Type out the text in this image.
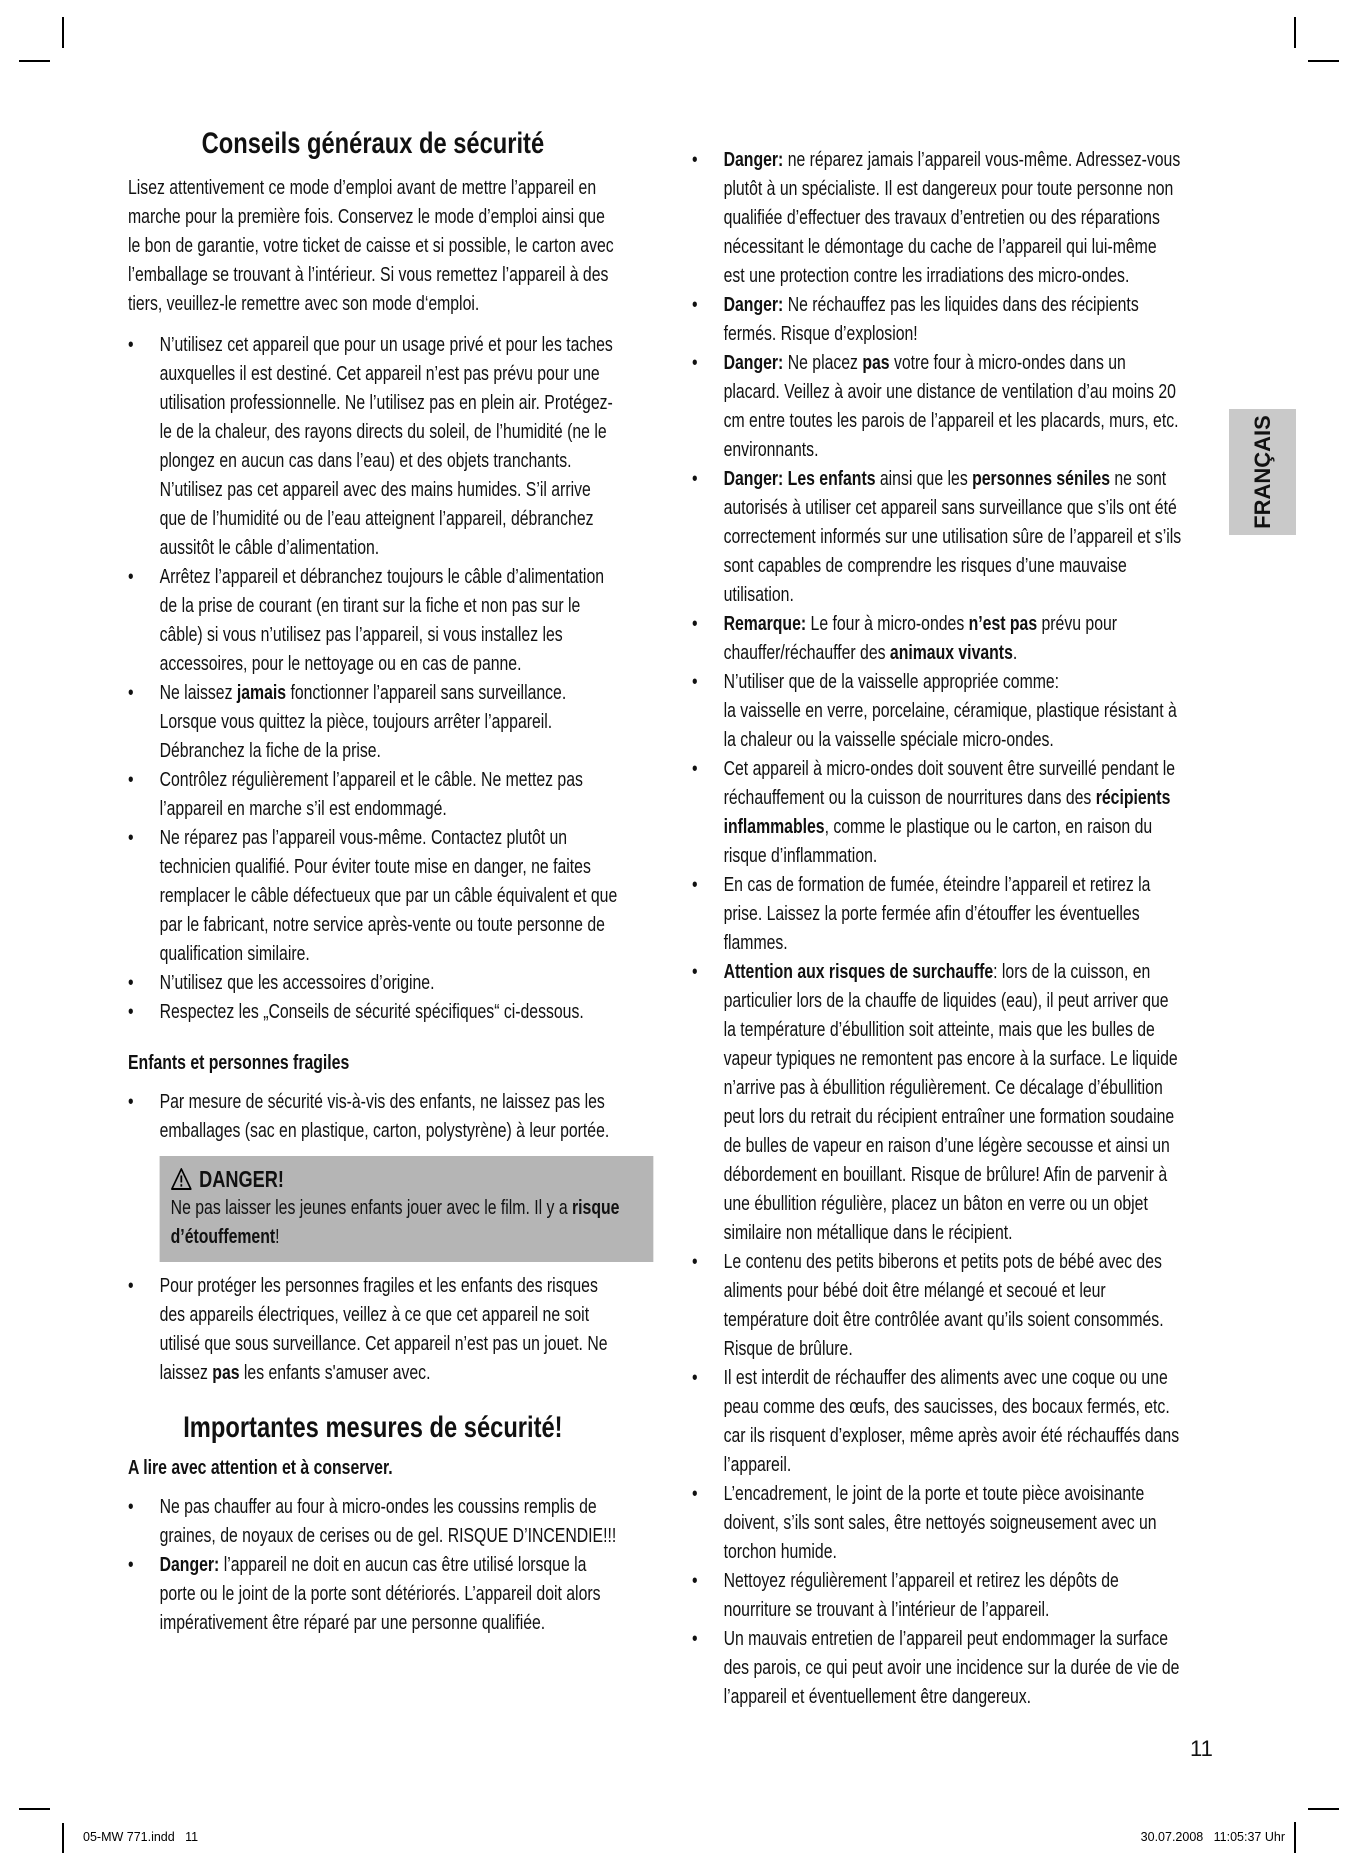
Conseils généraux de sécurité
Lisez attentivement ce mode d’emploi avant de mettre l’appareil en marche pour la première fois. Conservez le mode d’emploi ainsi que le bon de garantie, votre ticket de caisse et si possible, le carton avec l’emballage se trouvant à l’intérieur. Si vous remettez l’appareil à des tiers, veuillez-le remettre avec son mode d‘emploi.
•	N’utilisez cet appareil que pour un usage privé et pour les taches auxquelles il est destiné. Cet appareil n’est pas prévu pour une utilisation professionnelle. Ne l’utilisez pas en plein air. Protégez-le de la chaleur, des rayons directs du soleil, de l’humidité (ne le plongez en aucun cas dans l’eau) et des objets tranchants. N’utilisez pas cet appareil avec des mains humides. S’il arrive que de l’humidité ou de l’eau atteignent l’appareil, débranchez aussitôt le câble d’alimentation.
•	Arrêtez l’appareil et débranchez toujours le câble d’alimentation de la prise de courant (en tirant sur la fiche et non pas sur le câble) si vous n’utilisez pas l’appareil, si vous installez les accessoires, pour le nettoyage ou en cas de panne.
•	Ne laissez jamais fonctionner l’appareil sans surveillance. Lorsque vous quittez la pièce, toujours arrêter l’appareil. Débranchez la fiche de la prise.
•	Contrôlez régulièrement l’appareil et le câble. Ne mettez pas l’appareil en marche s’il est endommagé.
•	Ne réparez pas l’appareil vous-même. Contactez plutôt un technicien qualifié. Pour éviter toute mise en danger, ne faites remplacer le câble défectueux que par un câble équivalent et que par le fabricant, notre service après-vente ou toute personne de qualification similaire.
•	N’utilisez que les accessoires d’origine.
•	Respectez les „Conseils de sécurité spécifiques“ ci-dessous.
Enfants et personnes fragiles
•	Par mesure de sécurité vis-à-vis des enfants, ne laissez pas les emballages (sac en plastique, carton, polystyrène) à leur portée.
DANGER!
Ne pas laisser les jeunes enfants jouer avec le film. Il y a risque d’étouffement!
•	Pour protéger les personnes fragiles et les enfants des risques des appareils électriques, veillez à ce que cet appareil ne soit utilisé que sous surveillance. Cet appareil n’est pas un jouet. Ne laissez pas les enfants s'amuser avec.
Importantes mesures de sécurité!
A lire avec attention et à conserver.
•	Ne pas chauffer au four à micro-ondes les coussins remplis de graines, de noyaux de cerises ou de gel. RISQUE D’INCENDIE!!!
•	Danger: l’appareil ne doit en aucun cas être utilisé lorsque la porte ou le joint de la porte sont détériorés. L’appareil doit alors impérativement être réparé par une personne qualifiée.
•	Danger: ne réparez jamais l’appareil vous-même. Adressez-vous plutôt à un spécialiste. Il est dangereux pour toute personne non qualifiée d’effectuer des travaux d’entretien ou des réparations nécessitant le démontage du cache de l’appareil qui lui-même est une protection contre les irradiations des micro-ondes.
•	Danger: Ne réchauffez pas les liquides dans des récipients fermés. Risque d’explosion!
•	Danger: Ne placez pas votre four à micro-ondes dans un placard. Veillez à avoir une distance de ventilation d’au moins 20 cm entre toutes les parois de l’appareil et les placards, murs, etc. environnants.
•	Danger: Les enfants ainsi que les personnes séniles ne sont autorisés à utiliser cet appareil sans surveillance que s’ils ont été correctement informés sur une utilisation sûre de l’appareil et s’ils sont capables de comprendre les risques d’une mauvaise utilisation.
•	Remarque: Le four à micro-ondes n’est pas prévu pour chauffer/réchauffer des animaux vivants.
•	N’utiliser que de la vaisselle appropriée comme:
la vaisselle en verre, porcelaine, céramique, plastique résistant à la chaleur ou la vaisselle spéciale micro-ondes.
•	Cet appareil à micro-ondes doit souvent être surveillé pendant le réchauffement ou la cuisson de nourritures dans des récipients inflammables, comme le plastique ou le carton, en raison du risque d’inflammation.
•	En cas de formation de fumée, éteindre l’appareil et retirez la prise. Laissez la porte fermée afin d’étouffer les éventuelles flammes.
•	Attention aux risques de surchauffe: lors de la cuisson, en particulier lors de la chauffe de liquides (eau), il peut arriver que la température d’ébullition soit atteinte, mais que les bulles de vapeur typiques ne remontent pas encore à la surface. Le liquide n’arrive pas à ébullition régulièrement. Ce décalage d’ébullition peut lors du retrait du récipient entraîner une formation soudaine de bulles de vapeur en raison d’une légère secousse et ainsi un débordement en bouillant. Risque de brûlure! Afin de parvenir à une ébullition régulière, placez un bâton en verre ou un objet similaire non métallique dans le récipient.
•	Le contenu des petits biberons et petits pots de bébé avec des aliments pour bébé doit être mélangé et secoué et leur température doit être contrôlée avant qu’ils soient consommés. Risque de brûlure.
•	Il est interdit de réchauffer des aliments avec une coque ou une peau comme des œufs, des saucisses, des bocaux fermés, etc. car ils risquent d’exploser, même après avoir été réchauffés dans l’appareil.
•	L’encadrement, le joint de la porte et toute pièce avoisinante doivent, s’ils sont sales, être nettoyés soigneusement avec un torchon humide.
•	Nettoyez régulièrement l’appareil et retirez les dépôts de nourriture se trouvant à l’intérieur de l’appareil.
•	Un mauvais entretien de l’appareil peut endommager la surface des parois, ce qui peut avoir une incidence sur la durée de vie de l’appareil et éventuellement être dangereux.
FRANÇAIS
11
05-MW 771.indd   11	30.07.2008   11:05:37 Uhr
